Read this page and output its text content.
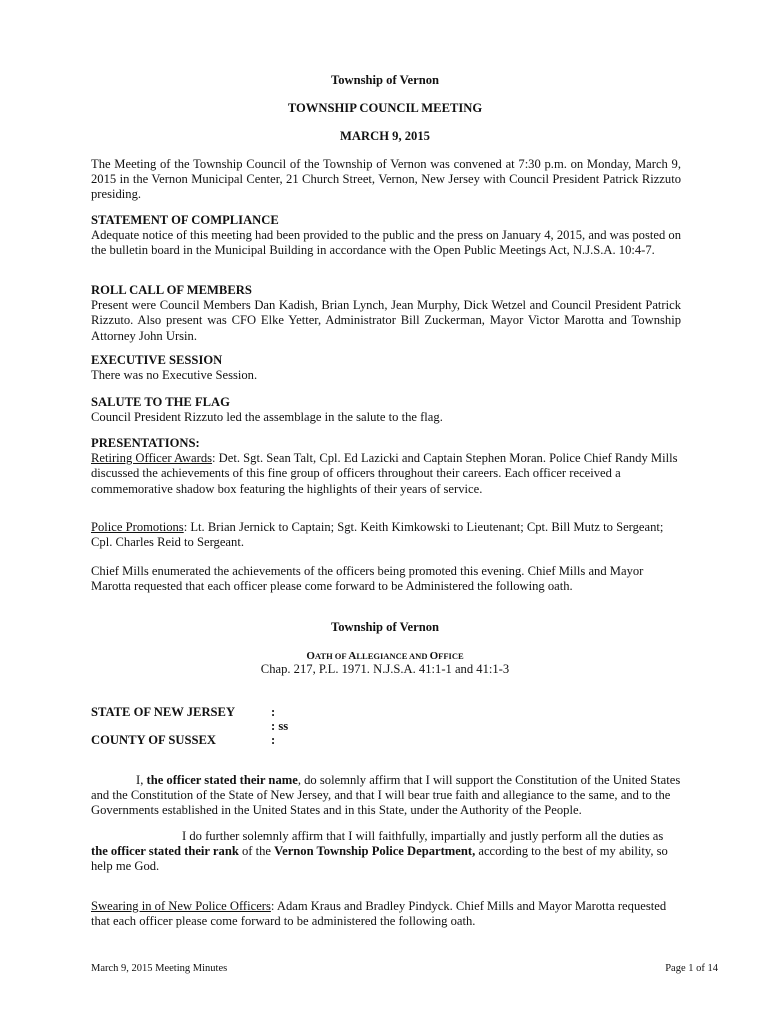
Township of Vernon

TOWNSHIP COUNCIL MEETING

MARCH 9, 2015

The Meeting of the Township Council of the Township of Vernon was convened at 7:30 p.m. on Monday, March 9, 2015 in the Vernon Municipal Center, 21 Church Street, Vernon, New Jersey with Council President Patrick Rizzuto presiding.

STATEMENT OF COMPLIANCE
Adequate notice of this meeting had been provided to the public and the press on January 4, 2015, and was posted on the bulletin board in the Municipal Building in accordance with the Open Public Meetings Act, N.J.S.A. 10:4-7.
ROLL CALL OF MEMBERS
Present were Council Members Dan Kadish, Brian Lynch, Jean Murphy, Dick Wetzel and Council President Patrick Rizzuto. Also present was CFO Elke Yetter, Administrator Bill Zuckerman, Mayor Victor Marotta and Township Attorney John Ursin.
EXECUTIVE SESSION
There was no Executive Session.
SALUTE TO THE FLAG
Council President Rizzuto led the assemblage in the salute to the flag.
PRESENTATIONS:
Retiring Officer Awards: Det. Sgt. Sean Talt, Cpl. Ed Lazicki and Captain Stephen Moran. Police Chief Randy Mills discussed the achievements of this fine group of officers throughout their careers. Each officer received a commemorative shadow box featuring the highlights of their years of service.

Police Promotions: Lt. Brian Jernick to Captain; Sgt. Keith Kimkowski to Lieutenant; Cpt. Bill Mutz to Sergeant; Cpl. Charles Reid to Sergeant.

Chief Mills enumerated the achievements of the officers being promoted this evening. Chief Mills and Mayor Marotta requested that each officer please come forward to be Administered the following oath.

Township of Vernon

OATH OF ALLEGIANCE AND OFFICE

Chap. 217, P.L. 1971. N.J.S.A. 41:1-1 and 41:1-3

STATE OF NEW JERSEY	:
: ss

COUNTY OF SUSSEX	:

I, the officer stated their name, do solemnly affirm that I will support the Constitution of the United States and the Constitution of the State of New Jersey, and that I will bear true faith and allegiance to the same, and to the Governments established in the United States and in this State, under the Authority of the People.

I do further solemnly affirm that I will faithfully, impartially and justly perform all the duties as the officer stated their rank of the Vernon Township Police Department, according to the best of my ability, so help me God.

Swearing in of New Police Officers: Adam Kraus and Bradley Pindyck. Chief Mills and Mayor Marotta requested that each officer please come forward to be administered the following oath.

March 9, 2015 Meeting Minutes	Page 1 of 14
